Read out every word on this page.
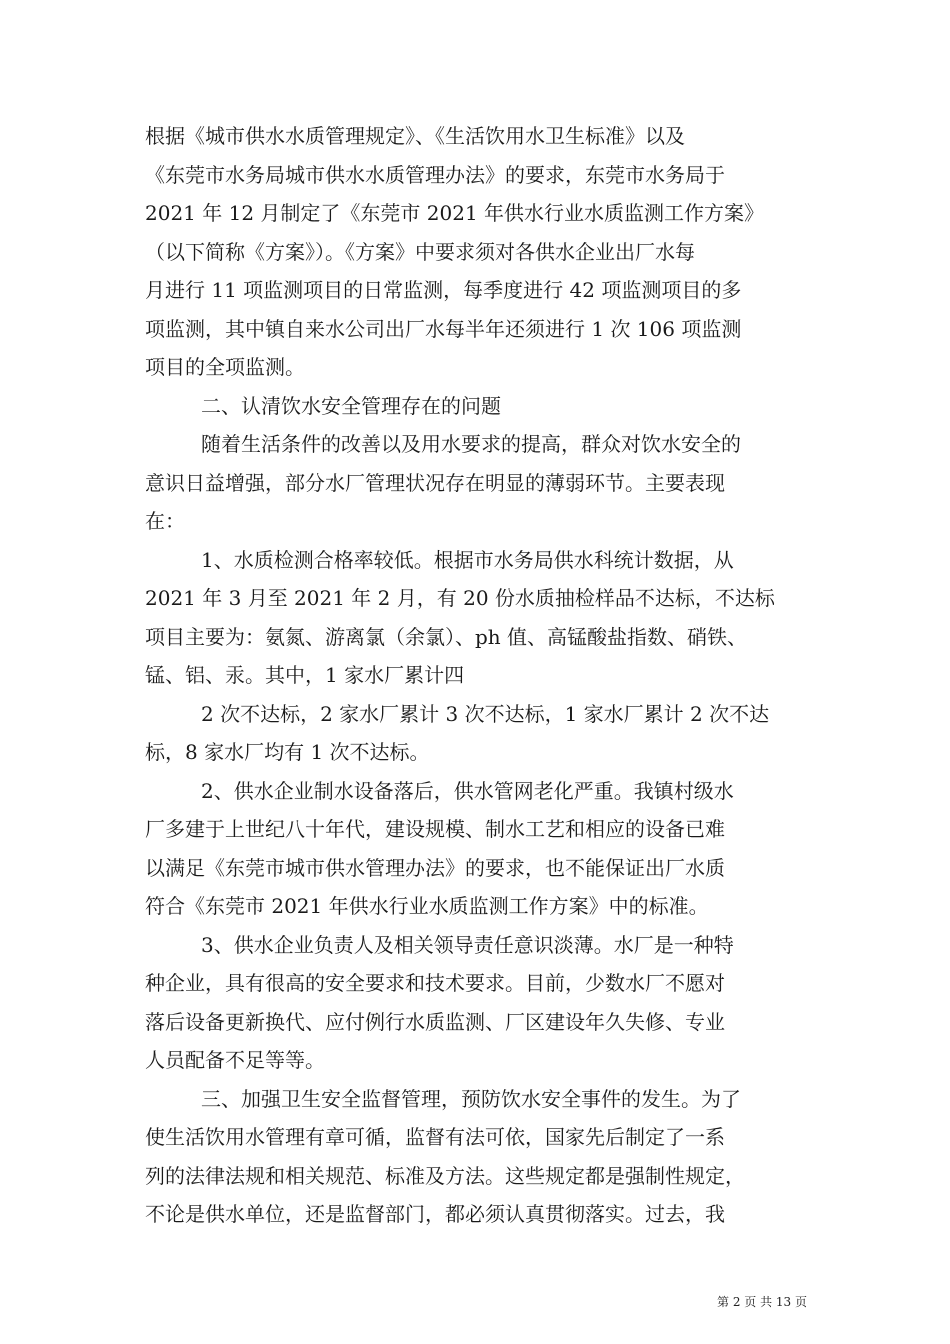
根据《城市供水水质管理规定》、《生活饮用水卫生标准》以及
《东莞市水务局城市供水水质管理办法》的要求，东莞市水务局于
2021 年 12 月制定了《东莞市 2021 年供水行业水质监测工作方案》
（以下简称《方案》）。《方案》中要求须对各供水企业出厂水每
月进行 11 项监测项目的日常监测，每季度进行 42 项监测项目的多
项监测，其中镇自来水公司出厂水每半年还须进行 1 次 106 项监测
项目的全项监测。
二、认清饮水安全管理存在的问题
随着生活条件的改善以及用水要求的提高，群众对饮水安全的
意识日益增强，部分水厂管理状况存在明显的薄弱环节。主要表现
在：
1、水质检测合格率较低。根据市水务局供水科统计数据，从
2021 年 3 月至 2021 年 2 月，有 20 份水质抽检样品不达标，不达标
项目主要为：氨氮、游离氯（余氯）、ph 值、高锰酸盐指数、硝铁、
锰、铝、汞。其中，1 家水厂累计四
2 次不达标，2 家水厂累计 3 次不达标，1 家水厂累计 2 次不达
标，8 家水厂均有 1 次不达标。
2、供水企业制水设备落后，供水管网老化严重。我镇村级水
厂多建于上世纪八十年代，建设规模、制水工艺和相应的设备已难
以满足《东莞市城市供水管理办法》的要求，也不能保证出厂水质
符合《东莞市 2021 年供水行业水质监测工作方案》中的标准。
3、供水企业负责人及相关领导责任意识淡薄。水厂是一种特
种企业，具有很高的安全要求和技术要求。目前，少数水厂不愿对
落后设备更新换代、应付例行水质监测、厂区建设年久失修、专业
人员配备不足等等。
三、加强卫生安全监督管理，预防饮水安全事件的发生。为了
使生活饮用水管理有章可循，监督有法可依，国家先后制定了一系
列的法律法规和相关规范、标准及方法。这些规定都是强制性规定，
不论是供水单位，还是监督部门，都必须认真贯彻落实。过去，我
第 2 页 共 13 页
